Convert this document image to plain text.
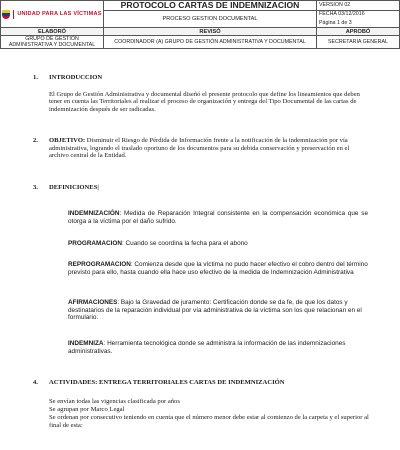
UNIDAD PARA LAS VÍCTIMAS	PROTOCOLO CARTAS DE INDEMNIZACION	VERSION 02
	PROCESO GESTION DOCUMENTAL	FECHA 03/12/2016
Página 1 de 3

ELABORÓ	REVISÓ	APROBÓ
GRUPO DE GESTION ADMINISTRATIVA Y DOCUMENTAL	COORDINADOR (A) GRUPO DE GESTIÓN ADMINISTRATIVA Y DOCUMENTAL	SECRETARIA GENERAL
1.	INTRODUCCION

El Grupo de Gestión Administrativa y documental diseñó el presente protocolo que define los lineamientos que deben tener en cuenta las Territoriales al realizar el proceso de organización y entrega del Tipo Documental de las cartas de indemnización después de ser radicadas.

2.	OBJETIVO: Disminuir el Riesgo de Pérdida de Información frente a la notificación de la indemnización por vía administrativa, logrando el traslado oportuno de los documentos para su debida conservación y preservación en el archivo central de la Entidad.
3.	DEFINICIONES|

INDEMNIZACIÓN: Medida de Reparación Integral consistente en la compensación económica que se otorga a la víctima por el daño sufrido.

PROGRAMACION: Cuando se coordina la fecha para el abono

REPROGRAMACION: Comienza desde que la víctima no pudo hacer efectivo el cobro dentro del término previsto para ello, hasta cuando ella hace uso efectivo de la medida de Indemnización Administrativa

AFIRMACIONES: Bajo la Gravedad de juramento: Certificación donde se da fe, de que los datos y destinatarios de la reparación individual por vía administrativa de la víctima son los que relacionan en el formulario.

INDEMNIZA: Herramienta tecnológica donde se administra la información de las indemnizaciones administrativas.

4.	ACTIVIDADES: ENTREGA TERRITORIALES CARTAS DE INDEMNIZACIÓN

Se envían todas las vigencias clasificada por años

Se agrupan por Marco Legal

Se ordenan por consecutivo teniendo en cuenta que el número menor debe estar al comienzo de la carpeta y el superior al final de esta:
